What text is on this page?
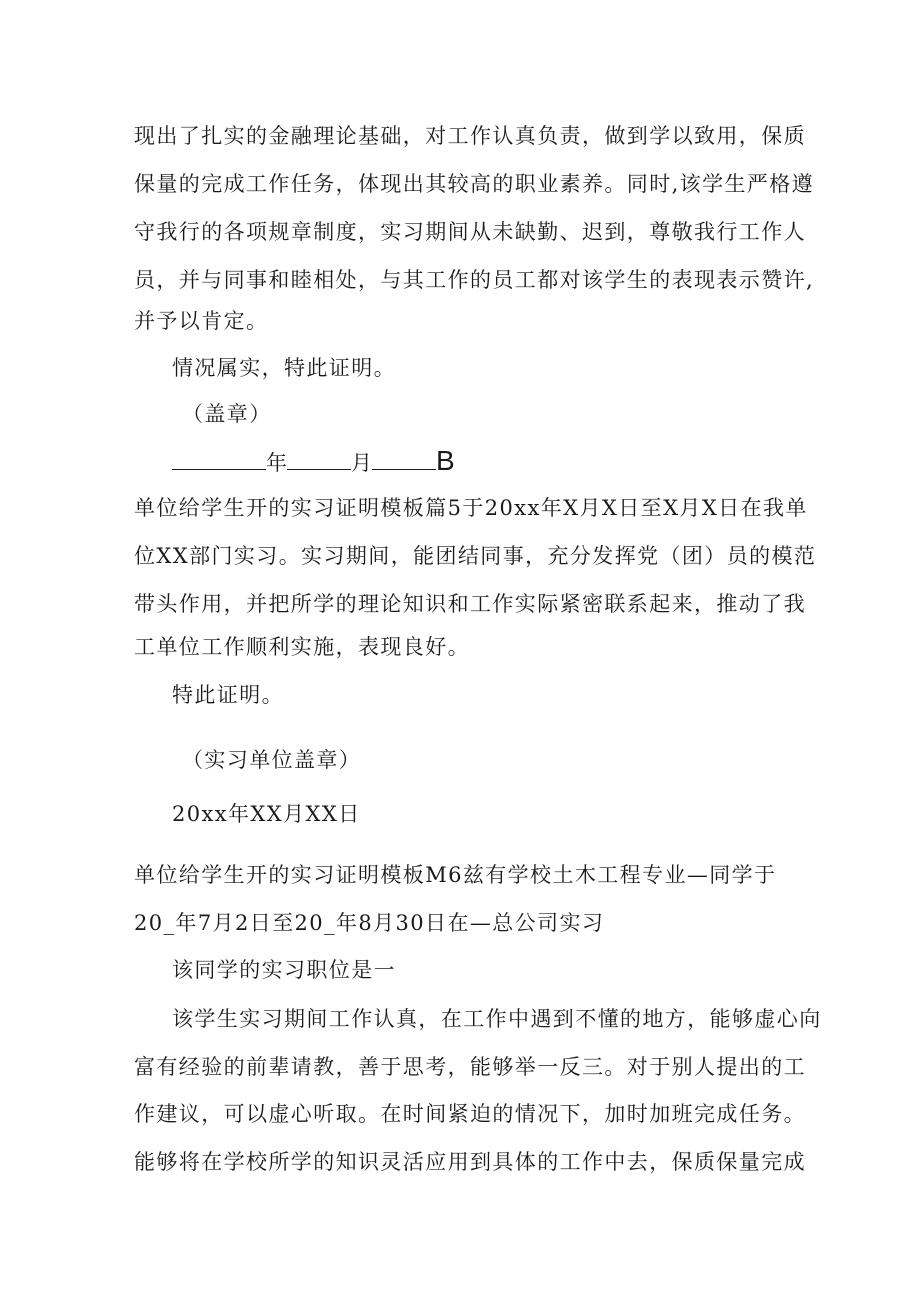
现出了扎实的金融理论基础，对工作认真负责，做到学以致用，保质
保量的完成工作任务，体现出其较高的职业素养。同时,该学生严格遵
守我行的各项规章制度，实习期间从未缺勤、迟到，尊敬我行工作人
员，并与同事和睦相处，与其工作的员工都对该学生的表现表示赞许,
并予以肯定。
情况属实，特此证明。
（盖章）
年	月 B
单位给学生开的实习证明模板篇5于20xx年X月X日至X月X日在我单
位XX部门实习。实习期间，能团结同事，充分发挥党（团）员的模范
带头作用，并把所学的理论知识和工作实际紧密联系起来，推动了我
工单位工作顺利实施，表现良好。
特此证明。
（实习单位盖章）
20xx年XX月XX日
单位给学生开的实习证明模板M6兹有学校土木工程专业—同学于
20_年7月2日至20_年8月30日在—总公司实习
该同学的实习职位是一
该学生实习期间工作认真，在工作中遇到不懂的地方，能够虚心向
富有经验的前辈请教，善于思考，能够举一反三。对于别人提出的工
作建议，可以虚心听取。在时间紧迫的情况下，加时加班完成任务。
能够将在学校所学的知识灵活应用到具体的工作中去，保质保量完成
